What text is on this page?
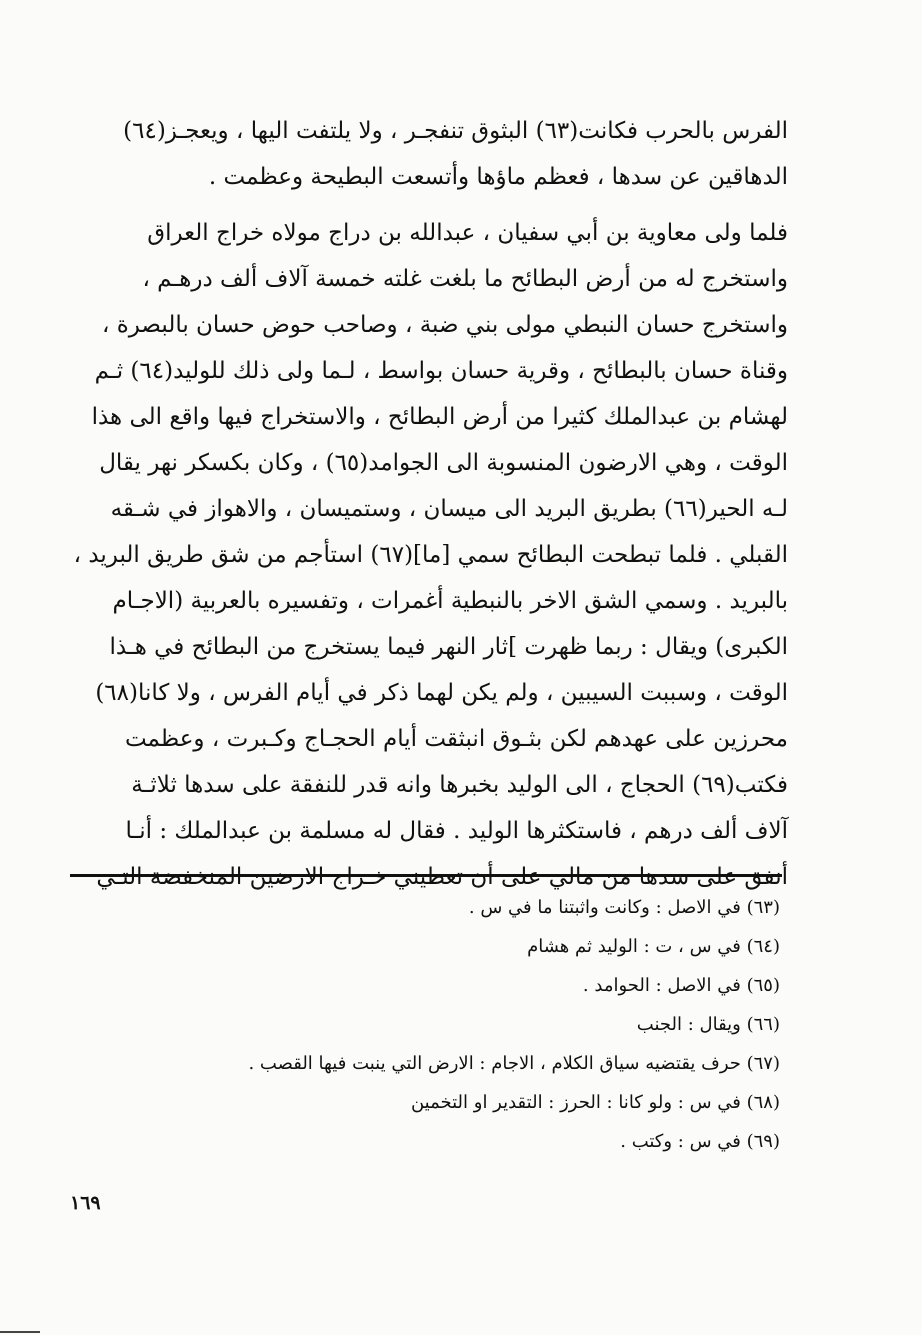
الفرس بالحرب فكانت(٦٣) البثوق تنفجـر ، ولا يلتفت اليها ، ويعجـز(٦٤)
الدهاقين عن سدها ، فعظم ماؤها وأتسعت البطيحة وعظمت .
فلما ولى معاوية بن أبي سفيان ، عبدالله بن دراج مولاه خراج العراق
واستخرج له من أرض البطائح ما بلغت غلته خمسة آلاف ألف درهـم ،
واستخرج حسان النبطي مولى بني ضبة ، وصاحب حوض حسان بالبصرة ،
وقناة حسان بالبطائح ، وقرية حسان بواسط ، لـما ولى ذلك للوليد(٦٤) ثـم
لهشام بن عبدالملك كثيرا من أرض البطائح ، والاستخراج فيها واقع الى هذا
الوقت ، وهي الارضون المنسوبة الى الجوامد(٦٥) ، وكان بكسكر نهر يقال
لـه الحير(٦٦) بطريق البريد الى ميسان ، وستميسان ، والاهواز في شـقه
القبلي . فلما تبطحت البطائح سمي [ما](٦٧) استأجم من شق طريق البريد ،
بالبريد . وسمي الشق الاخر بالنبطية أغمرات ، وتفسيره بالعربية (الاجـام
الكبرى) ويقال : ربما ظهرت ]ثار النهر فيما يستخرج من البطائح في هـذا
الوقت ، وسببت السيبين ، ولم يكن لهما ذكر في أيام الفرس ، ولا كانا(٦٨)
محرزين على عهدهم لكن بثـوق انبثقت أيام الحجـاج وكـبرت ، وعظمت
فكتب(٦٩) الحجاج ، الى الوليد بخبرها وانه قدر للنفقة على سدها ثلاثـة
آلاف ألف درهم ، فاستكثرها الوليد . فقال له مسلمة بن عبدالملك : أنـا
أنفق على سدها من مالي على أن تعطيني خـراج الارضين المنخفضة التـي
(٦٣) في الاصل : وكانت واثبتنا ما في س .
(٦٤) في س ، ت : الوليد ثم هشام
(٦٥) في الاصل : الحوامد .
(٦٦) ويقال : الجنب
(٦٧) حرف يقتضيه سياق الكلام ، الاجام : الارض التي ينبت فيها القصب .
(٦٨) في س : ولو كانا : الحرز : التقدير او التخمين
(٦٩) في س : وكتب .
١٦٩
